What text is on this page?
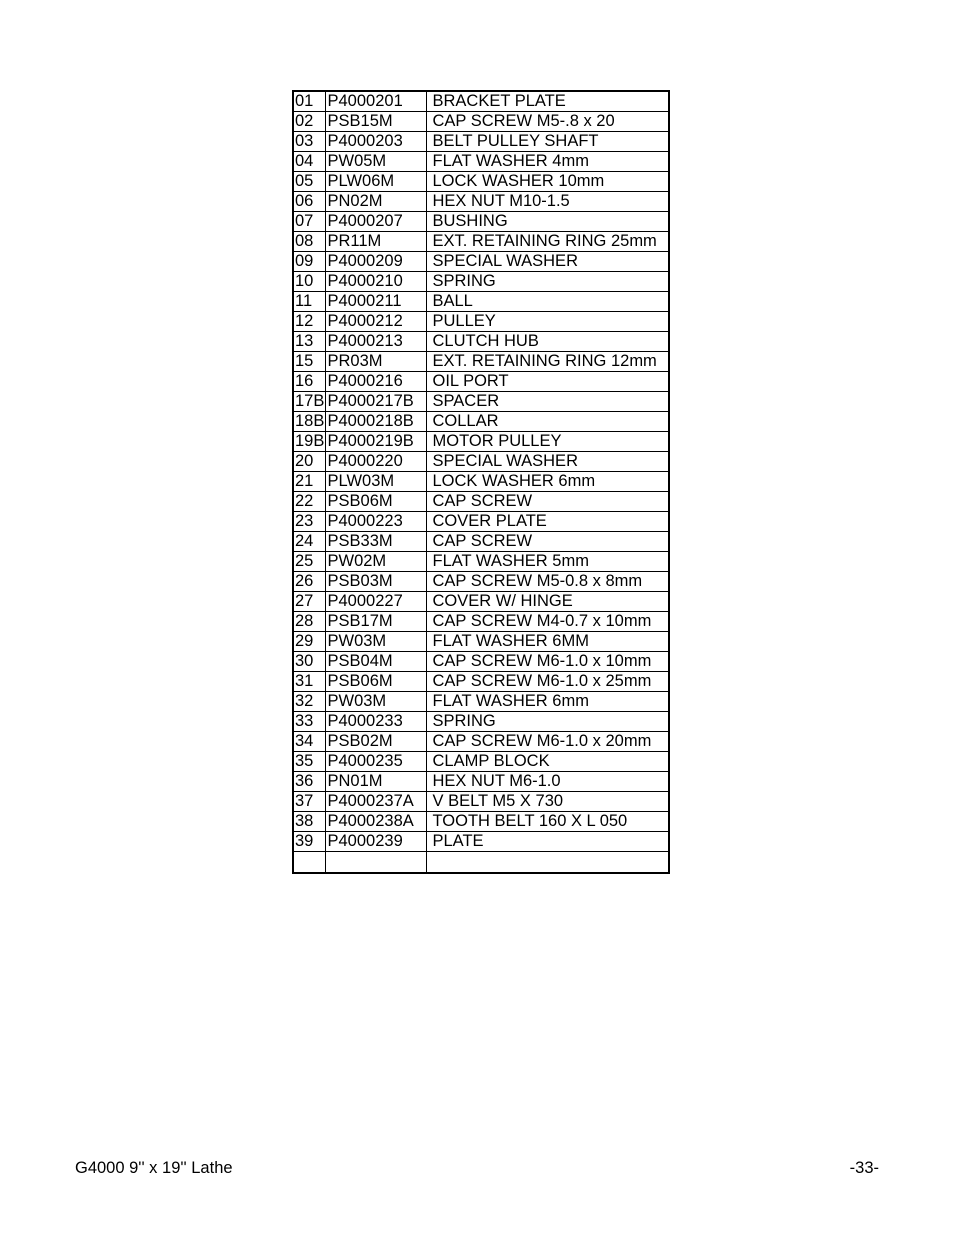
01	P4000201	BRACKET PLATE
02	PSB15M	CAP SCREW M5-.8 x 20
03	P4000203	BELT PULLEY SHAFT
04	PW05M	FLAT WASHER 4mm
05	PLW06M	LOCK WASHER 10mm
06	PN02M	HEX NUT M10-1.5
07	P4000207	BUSHING
08	PR11M	EXT. RETAINING RING 25mm
09	P4000209	SPECIAL WASHER
10	P4000210	SPRING
11	P4000211	BALL
12	P4000212	PULLEY
13	P4000213	CLUTCH HUB
15	PR03M	EXT. RETAINING RING 12mm
16	P4000216	OIL PORT
17B	P4000217B	SPACER
18B	P4000218B	COLLAR
19B	P4000219B	MOTOR PULLEY
20	P4000220	SPECIAL WASHER
21	PLW03M	LOCK WASHER 6mm
22	PSB06M	CAP SCREW
23	P4000223	COVER PLATE
24	PSB33M	CAP SCREW
25	PW02M	FLAT WASHER 5mm
26	PSB03M	CAP SCREW M5-0.8 x 8mm
27	P4000227	COVER W/ HINGE
28	PSB17M	CAP SCREW M4-0.7 x 10mm
29	PW03M	FLAT WASHER 6MM
30	PSB04M	CAP SCREW M6-1.0 x 10mm
31	PSB06M	CAP SCREW M6-1.0 x 25mm
32	PW03M	FLAT WASHER 6mm
33	P4000233	SPRING
34	PSB02M	CAP SCREW M6-1.0 x 20mm
35	P4000235	CLAMP BLOCK
36	PN01M	HEX NUT M6-1.0
37	P4000237A	V BELT M5 X 730
38	P4000238A	TOOTH BELT 160 X L 050
39	P4000239	PLATE

G4000 9'' x 19'' Lathe	-33-
